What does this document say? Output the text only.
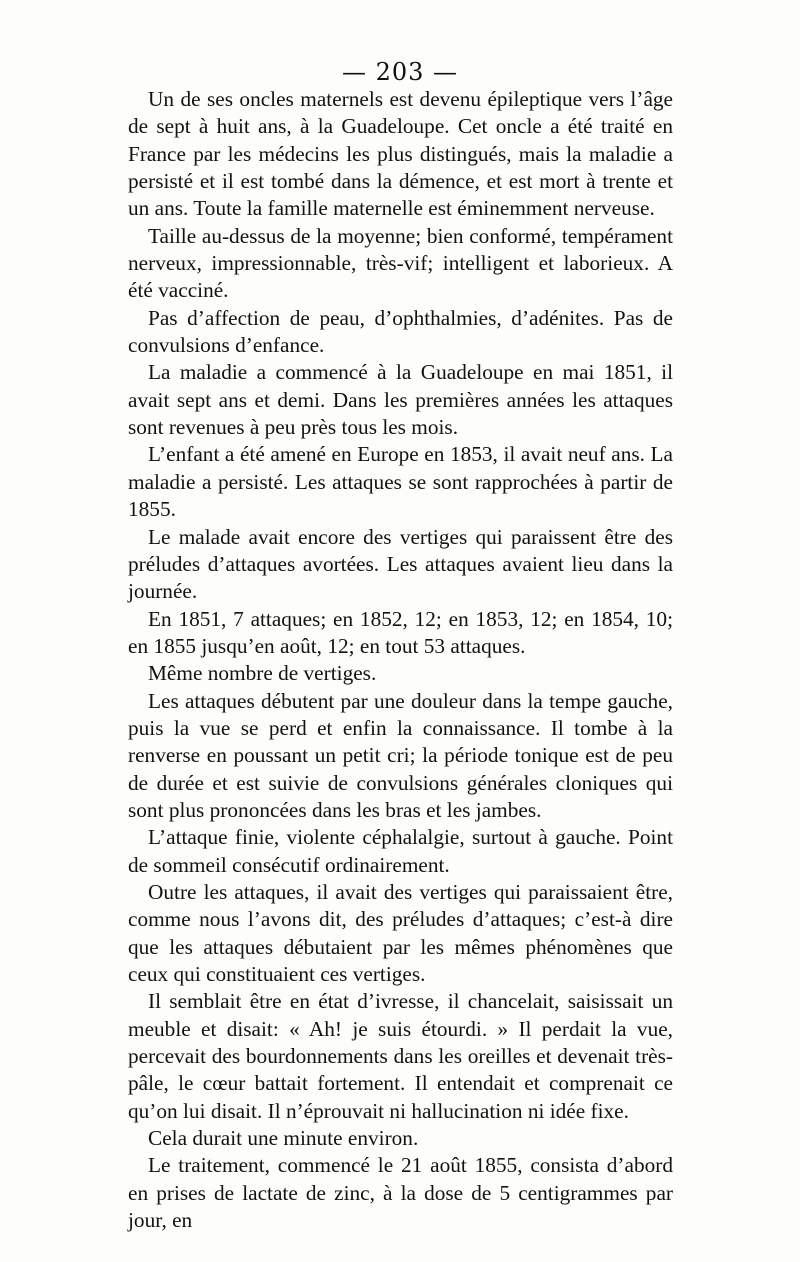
— 203 —

Un de ses oncles maternels est devenu épileptique vers l’âge de sept à huit ans, à la Guadeloupe. Cet oncle a été traité en France par les médecins les plus distingués, mais la maladie a persisté et il est tombé dans la démence, et est mort à trente et un ans. Toute la famille maternelle est éminemment nerveuse.

Taille au-dessus de la moyenne; bien conformé, tempérament nerveux, impressionnable, très-vif; intelligent et laborieux. A été vacciné.

Pas d’affection de peau, d’ophthalmies, d’adénites. Pas de convulsions d’enfance.

La maladie a commencé à la Guadeloupe en mai 1851, il avait sept ans et demi. Dans les premières années les attaques sont revenues à peu près tous les mois.

L’enfant a été amené en Europe en 1853, il avait neuf ans. La maladie a persisté. Les attaques se sont rapprochées à partir de 1855.

Le malade avait encore des vertiges qui paraissent être des préludes d’attaques avortées. Les attaques avaient lieu dans la journée.

En 1851, 7 attaques; en 1852, 12; en 1853, 12; en 1854, 10; en 1855 jusqu’en août, 12; en tout 53 attaques.

Même nombre de vertiges.

Les attaques débutent par une douleur dans la tempe gauche, puis la vue se perd et enfin la connaissance. Il tombe à la renverse en poussant un petit cri; la période tonique est de peu de durée et est suivie de convulsions générales cloniques qui sont plus prononcées dans les bras et les jambes.

L’attaque finie, violente céphalalgie, surtout à gauche. Point de sommeil consécutif ordinairement.

Outre les attaques, il avait des vertiges qui paraissaient être, comme nous l’avons dit, des préludes d’attaques; c’est-à dire que les attaques débutaient par les mêmes phénomènes que ceux qui constituaient ces vertiges.

Il semblait être en état d’ivresse, il chancelait, saisissait un meuble et disait: « Ah! je suis étourdi. » Il perdait la vue, percevait des bourdonnements dans les oreilles et devenait très-pâle, le cœur battait fortement. Il entendait et comprenait ce qu’on lui disait. Il n’éprouvait ni hallucination ni idée fixe.

Cela durait une minute environ.

Le traitement, commencé le 21 août 1855, consista d’abord en prises de lactate de zinc, à la dose de 5 centigrammes par jour, en
